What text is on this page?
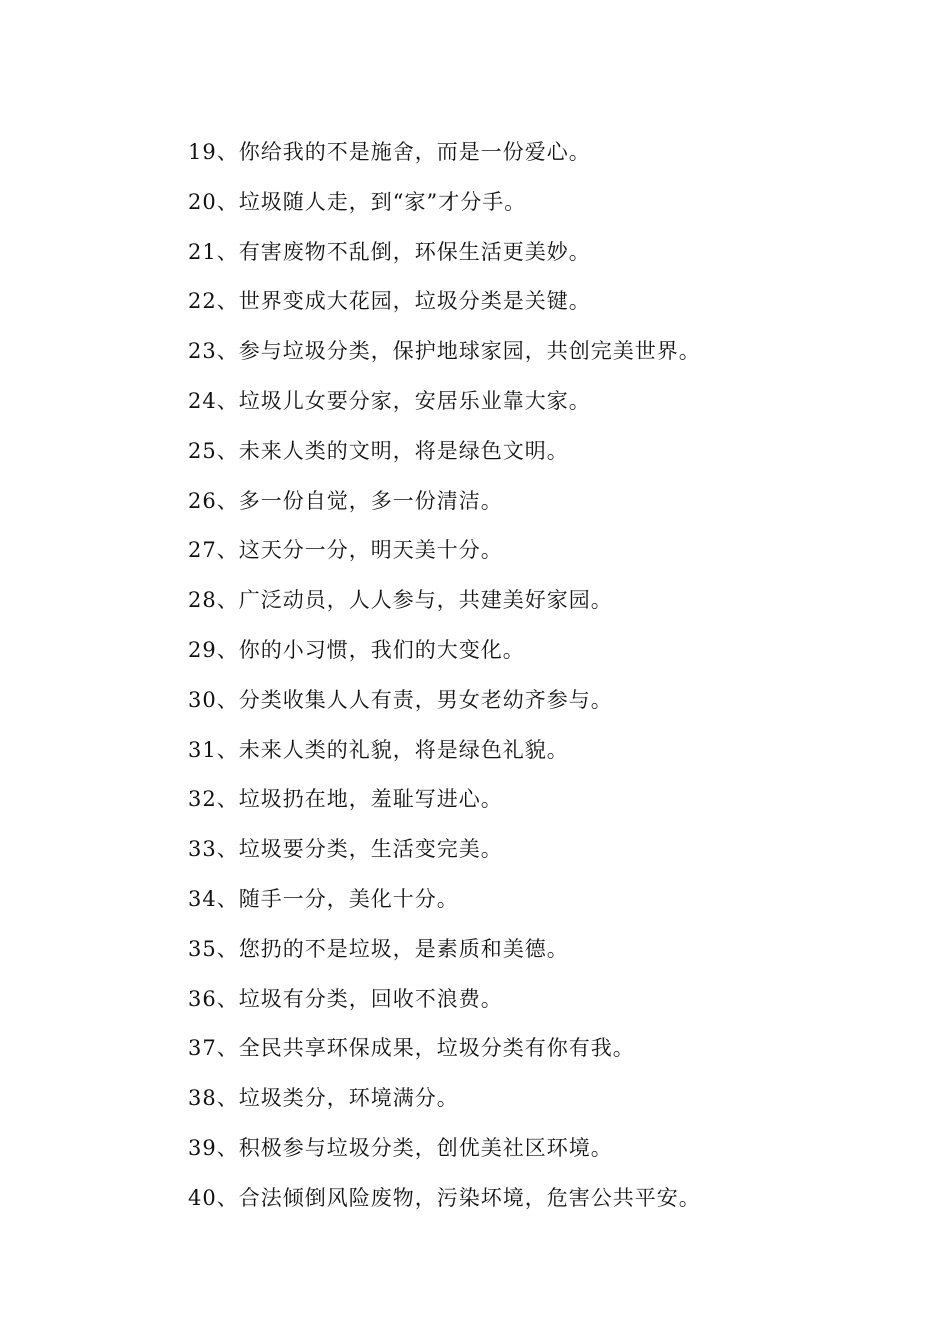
19、你给我的不是施舍，而是一份爱心。
20、垃圾随人走，到“家”才分手。
21、有害废物不乱倒，环保生活更美妙。
22、世界变成大花园，垃圾分类是关键。
23、参与垃圾分类，保护地球家园，共创完美世界。
24、垃圾儿女要分家，安居乐业靠大家。
25、未来人类的文明，将是绿色文明。
26、多一份自觉，多一份清洁。
27、这天分一分，明天美十分。
28、广泛动员，人人参与，共建美好家园。
29、你的小习惯，我们的大变化。
30、分类收集人人有责，男女老幼齐参与。
31、未来人类的礼貌，将是绿色礼貌。
32、垃圾扔在地，羞耻写进心。
33、垃圾要分类，生活变完美。
34、随手一分，美化十分。
35、您扔的不是垃圾，是素质和美德。
36、垃圾有分类，回收不浪费。
37、全民共享环保成果，垃圾分类有你有我。
38、垃圾类分，环境满分。
39、积极参与垃圾分类，创优美社区环境。
40、合法倾倒风险废物，污染坏境，危害公共平安。
